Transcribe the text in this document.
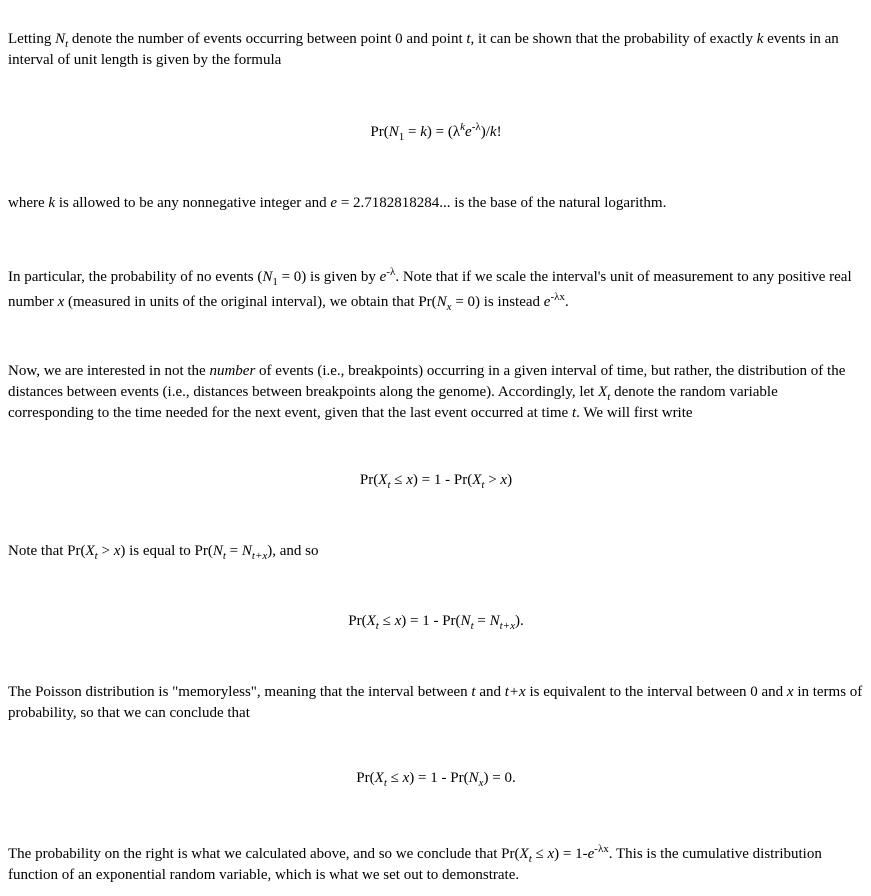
Letting $N_t$ denote the number of events occurring between point 0 and point t, it can be shown that the probability of exactly k events in an interval of unit length is given by the formula

$Pr(N_1 = k) = (\lambda^ke^{-\lambda})/k$!

where k is allowed to be any nonnegative integer and e = 2.7182818284... is the base of the natural logarithm.

In particular, the probability of no events $(N_1 = 0)$ is given by $e^{-\lambda}$. Note that if we scale the interval's unit of measurement to any positive real number x (measured in units of the original interval), we obtain that $Pr(N_x = 0)$ is instead $e^{-\lambda x}$.

Now, we are interested in not the number of events (i.e., breakpoints) occurring in a given interval of time, but rather, the distribution of the distances between events (i.e., distances between breakpoints along the genome). Accordingly, let $X_t$ denote the random variable corresponding to the time needed for the next event, given that the last event occurred at time t. We will first write

$Pr(X_t \le x) = 1 - Pr(X_t > x)$

Note that $Pr(X_t > x)$ is equal to $Pr(N_t = N_{t+x})$, and so

$Pr(X_t \le x) = 1 - Pr(N_t = N_{t+x})$.

The Poisson distribution is "memoryless", meaning that the interval between t and t+x is equivalent to the interval between 0 and x in terms of probability, so that we can conclude that

$Pr(X_t \le x) = 1 - Pr(N_x) = 0$.

The probability on the right is what we calculated above, and so we conclude that $Pr(X_t \le x) = 1-e^{-\lambda x}$. This is the cumulative distribution function of an exponential random variable, which is what we set out to demonstrate.
